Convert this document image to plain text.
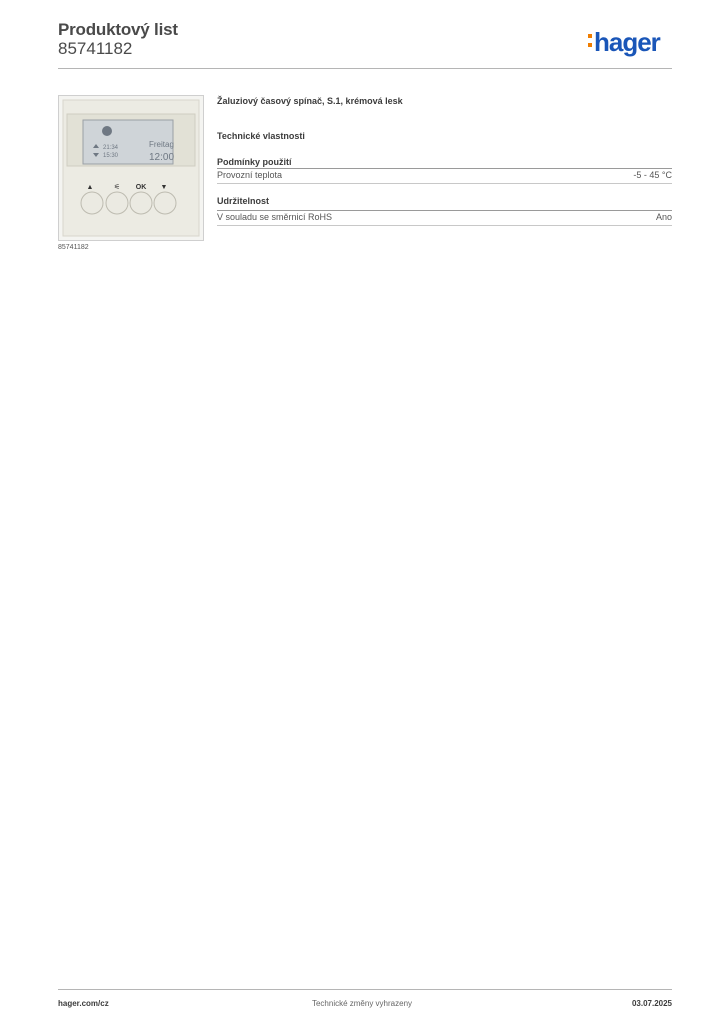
Produktový list
85741182	hager
21:34
15:30
Freitag
12:00
▲	⚟ OK ▼
85741182
Žaluziový časový spínač, S.1, krémová lesk
Technické vlastnosti
Podmínky použití
Provozní teplota	-5 - 45 °C
Udržitelnost
V souladu se směrnicí RoHS	Ano
hager.com/cz	Technické změny vyhrazeny	03.07.2025
